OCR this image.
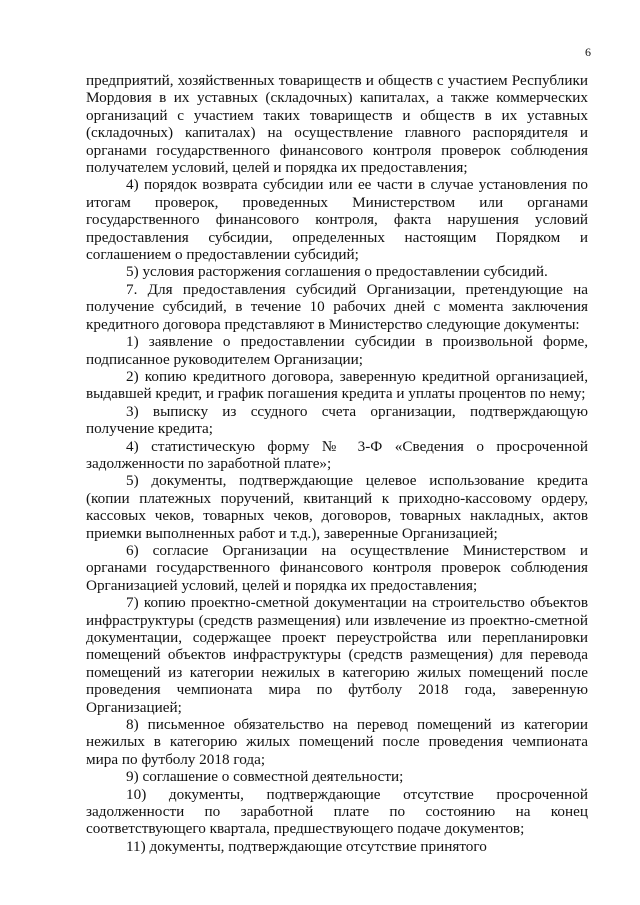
6

предприятий, хозяйственных товариществ и обществ с участием Республики Мордовия в их уставных (складочных) капиталах, а также коммерческих организаций с участием таких товариществ и обществ в их уставных (складочных) капиталах) на осуществление главного распорядителя и органами государственного финансового контроля проверок соблюдения получателем условий, целей и порядка их предоставления;

4) порядок возврата субсидии или ее части в случае установления по итогам проверок, проведенных Министерством или органами государственного финансового контроля, факта нарушения условий предоставления субсидии, определенных настоящим Порядком и соглашением о предоставлении субсидий;

5) условия расторжения соглашения о предоставлении субсидий.

7. Для предоставления субсидий Организации, претендующие на получение субсидий, в течение 10 рабочих дней с момента заключения кредитного договора представляют в Министерство следующие документы:

1) заявление о предоставлении субсидии в произвольной форме, подписанное руководителем Организации;

2) копию кредитного договора, заверенную кредитной организацией, выдавшей кредит, и график погашения кредита и уплаты процентов по нему;

3) выписку из ссудного счета организации, подтверждающую получение кредита;

4) статистическую форму № 3-Ф «Сведения о просроченной задолженности по заработной плате»;

5) документы, подтверждающие целевое использование кредита (копии платежных поручений, квитанций к приходно-кассовому ордеру, кассовых чеков, товарных чеков, договоров, товарных накладных, актов приемки выполненных работ и т.д.), заверенные Организацией;

6) согласие Организации на осуществление Министерством и органами государственного финансового контроля проверок соблюдения Организацией условий, целей и порядка их предоставления;

7) копию проектно-сметной документации на строительство объектов инфраструктуры (средств размещения) или извлечение из проектно-сметной документации, содержащее проект переустройства или перепланировки помещений объектов инфраструктуры (средств размещения) для перевода помещений из категории нежилых в категорию жилых помещений после проведения чемпионата мира по футболу 2018 года, заверенную Организацией;

8) письменное обязательство на перевод помещений из категории нежилых в категорию жилых помещений после проведения чемпионата мира по футболу 2018 года;

9) соглашение о совместной деятельности;

10) документы, подтверждающие отсутствие просроченной задолженности по заработной плате по состоянию на конец соответствующего квартала, предшествующего подаче документов;

11) документы, подтверждающие отсутствие принятого
